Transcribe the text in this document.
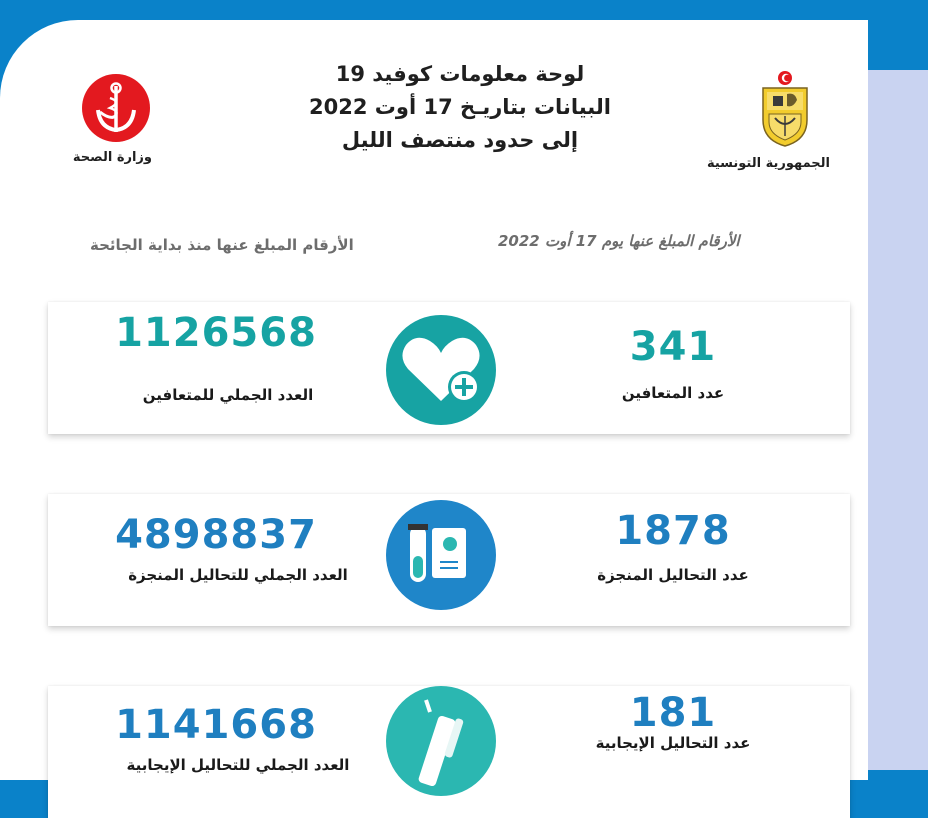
لوحة معلومات كوفيد 19
البيانات بتاريـخ 17 أوت 2022
إلى حدود منتصف الليل
وزارة الصحة	الجمهورية التونسية
الأرقام المبلغ عنها يوم 17 أوت 2022
الأرقام المبلغ عنها منذ بداية الجائحة
1126568
العدد الجملي للمتعافين
341
عدد المتعافين
4898837
العدد الجملي للتحاليل المنجزة
1878
عدد التحاليل المنجزة
1141668
العدد الجملي للتحاليل الإيجابية
181
عدد التحاليل الإيجابية
